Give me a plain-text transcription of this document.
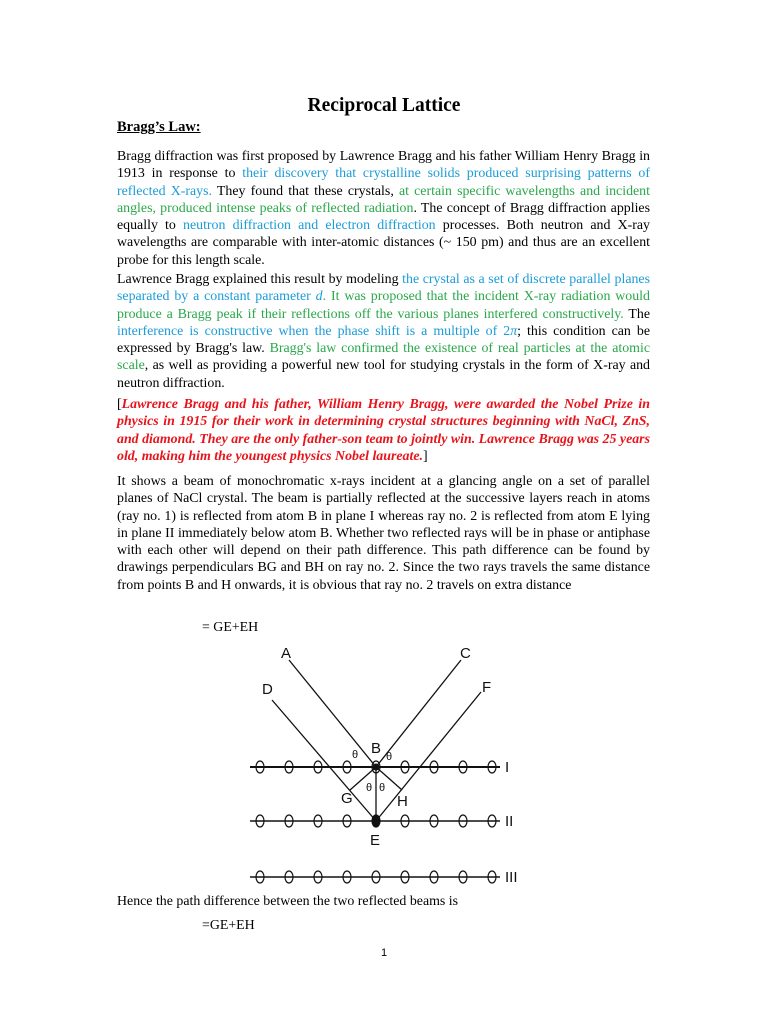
Reciprocal Lattice
Bragg’s Law:
Bragg diffraction was first proposed by Lawrence Bragg and his father William Henry Bragg in 1913 in response to their discovery that crystalline solids produced surprising patterns of reflected X-rays. They found that these crystals, at certain specific wavelengths and incident angles, produced intense peaks of reflected radiation. The concept of Bragg diffraction applies equally to neutron diffraction and electron diffraction processes. Both neutron and X-ray wavelengths are comparable with inter-atomic distances (~ 150 pm) and thus are an excellent probe for this length scale.
Lawrence Bragg explained this result by modeling the crystal as a set of discrete parallel planes separated by a constant parameter d. It was proposed that the incident X-ray radiation would produce a Bragg peak if their reflections off the various planes interfered constructively. The interference is constructive when the phase shift is a multiple of 2π; this condition can be expressed by Bragg's law. Bragg's law confirmed the existence of real particles at the atomic scale, as well as providing a powerful new tool for studying crystals in the form of X-ray and neutron diffraction.
[Lawrence Bragg and his father, William Henry Bragg, were awarded the Nobel Prize in physics in 1915 for their work in determining crystal structures beginning with NaCl, ZnS, and diamond. They are the only father-son team to jointly win. Lawrence Bragg was 25 years old, making him the youngest physics Nobel laureate.]
It shows a beam of monochromatic x-rays incident at a glancing angle on a set of parallel planes of NaCl crystal. The beam is partially reflected at the successive layers reach in atoms (ray no. 1) is reflected from atom B in plane I whereas ray no. 2 is reflected from atom E lying in plane II immediately below atom B. Whether two reflected rays will be in phase or antiphase with each other will depend on their path difference. This path difference can be found by drawings perpendiculars BG and BH on ray no. 2. Since the two rays travels the same distance from points B and H onwards, it is obvious that ray no. 2 travels on extra distance
= GE+EH
A	C
D	F
B
E
G	H
θ	θ
θ θ
I
II
III
Hence the path difference between the two reflected beams is
=GE+EH
1
